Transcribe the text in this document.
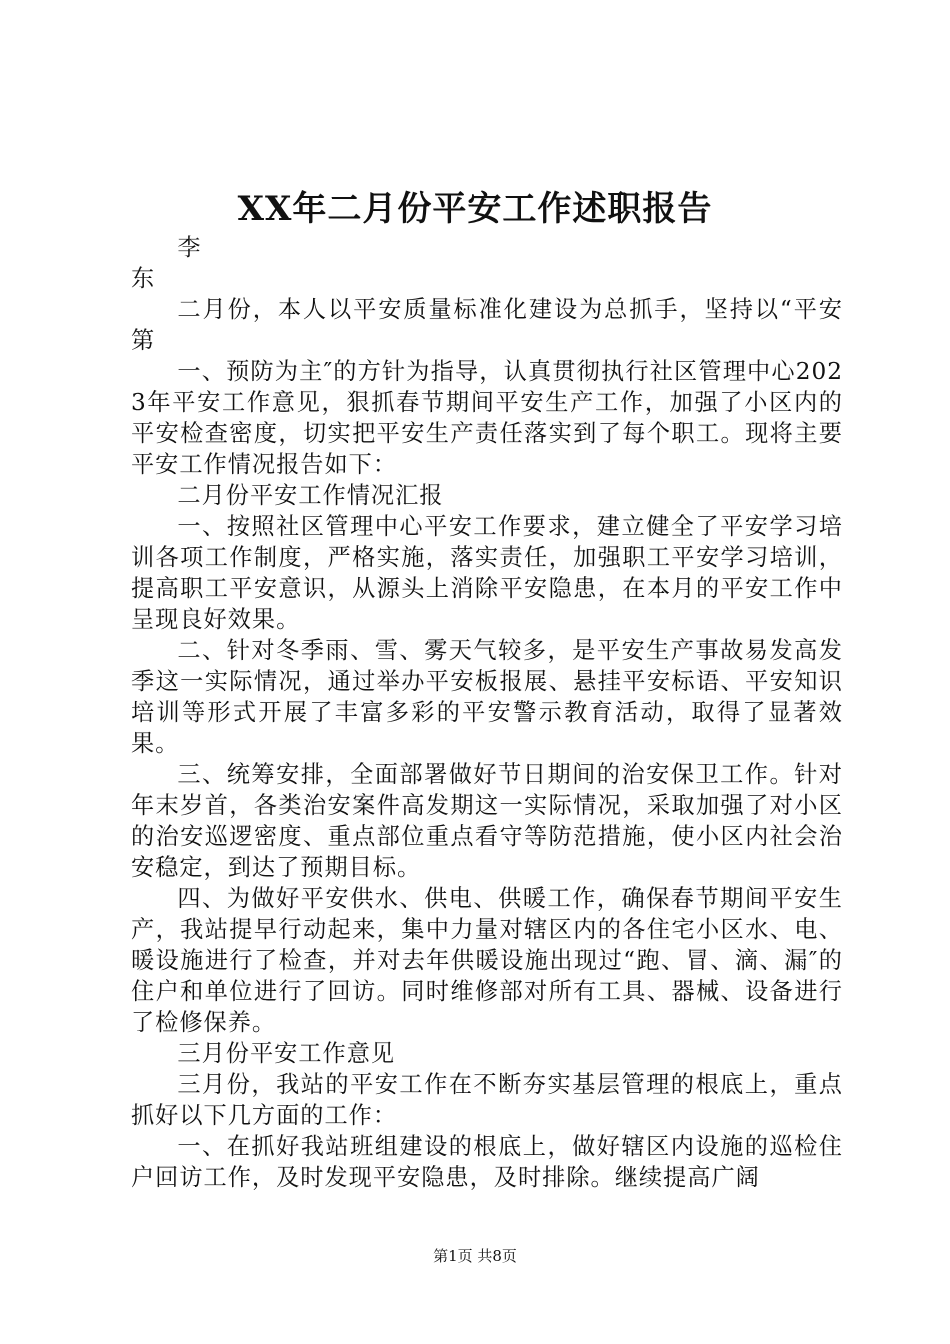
XX年二月份平安工作述职报告

李 东

二月份，本人以平安质量标准化建设为总抓手，坚持以“平安第

一、预防为主″的方针为指导，认真贯彻执行社区管理中心2023年平安工作意见，狠抓春节期间平安生产工作，加强了小区内的平安检查密度，切实把平安生产责任落实到了每个职工。现将主要平安工作情况报告如下：

二月份平安工作情况汇报

一、按照社区管理中心平安工作要求，建立健全了平安学习培训各项工作制度，严格实施，落实责任，加强职工平安学习培训，提高职工平安意识，从源头上消除平安隐患，在本月的平安工作中呈现良好效果。

二、针对冬季雨、雪、雾天气较多，是平安生产事故易发高发季这一实际情况，通过举办平安板报展、悬挂平安标语、平安知识培训等形式开展了丰富多彩的平安警示教育活动，取得了显著效果。

三、统筹安排，全面部署做好节日期间的治安保卫工作。针对年末岁首，各类治安案件高发期这一实际情况，采取加强了对小区的治安巡逻密度、重点部位重点看守等防范措施，使小区内社会治安稳定，到达了预期目标。

四、为做好平安供水、供电、供暖工作，确保春节期间平安生产，我站提早行动起来，集中力量对辖区内的各住宅小区水、电、暖设施进行了检查，并对去年供暖设施出现过“跑、冒、滴、漏″的住户和单位进行了回访。同时维修部对所有工具、器械、设备进行了检修保养。

三月份平安工作意见

三月份，我站的平安工作在不断夯实基层管理的根底上，重点抓好以下几方面的工作：

一、在抓好我站班组建设的根底上，做好辖区内设施的巡检住户回访工作，及时发现平安隐患，及时排除。继续提高广阔

第1页 共8页
